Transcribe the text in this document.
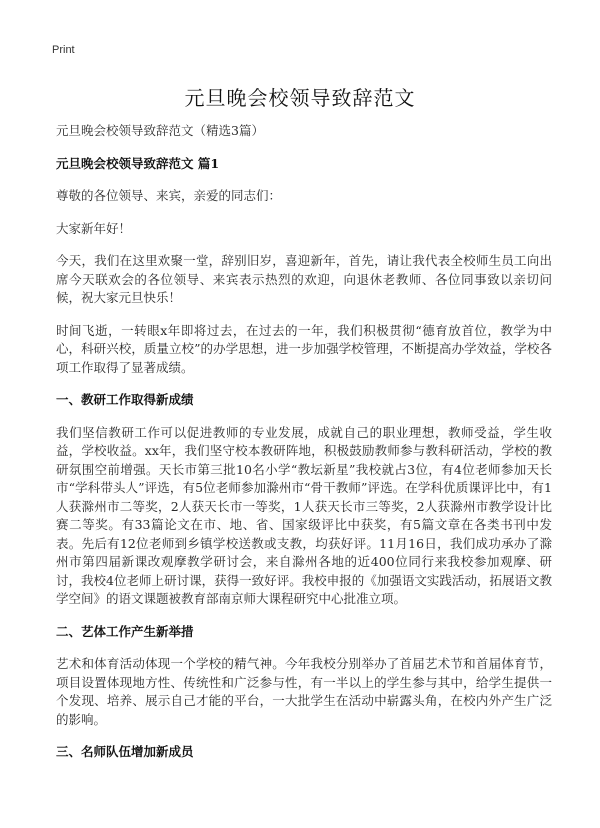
Print
元旦晚会校领导致辞范文

元旦晚会校领导致辞范文（精选3篇）

元旦晚会校领导致辞范文 篇1

尊敬的各位领导、来宾，亲爱的同志们：

大家新年好！

今天，我们在这里欢聚一堂，辞别旧岁，喜迎新年，首先，请让我代表全校师生员工向出席今天联欢会的各位领导、来宾表示热烈的欢迎，向退休老教师、各位同事致以亲切问候，祝大家元旦快乐！

时间飞逝，一转眼x年即将过去，在过去的一年，我们积极贯彻“德育放首位，教学为中心，科研兴校，质量立校”的办学思想，进一步加强学校管理，不断提高办学效益，学校各项工作取得了显著成绩。

一、教研工作取得新成绩

我们坚信教研工作可以促进教师的专业发展，成就自己的职业理想，教师受益，学生收益，学校收益。xx年，我们坚守校本教研阵地，积极鼓励教师参与教科研活动，学校的教研氛围空前增强。天长市第三批10名小学“教坛新星”我校就占3位，有4位老师参加天长市“学科带头人”评选，有5位老师参加滁州市“骨干教师”评选。在学科优质课评比中，有1人获滁州市二等奖，2人获天长市一等奖，1人获天长市三等奖，2人获滁州市教学设计比赛二等奖。有33篇论文在市、地、省、国家级评比中获奖，有5篇文章在各类书刊中发表。先后有12位老师到乡镇学校送教或支教，均获好评。11月16日，我们成功承办了滁州市第四届新课改观摩教学研讨会，来自滁州各地的近400位同行来我校参加观摩、研讨，我校4位老师上研讨课，获得一致好评。我校申报的《加强语文实践活动，拓展语文教学空间》的语文课题被教育部南京师大课程研究中心批准立项。

二、艺体工作产生新举措

艺术和体育活动体现一个学校的精气神。今年我校分别举办了首届艺术节和首届体育节，项目设置体现地方性、传统性和广泛参与性，有一半以上的学生参与其中，给学生提供一个发现、培养、展示自己才能的平台，一大批学生在活动中崭露头角，在校内外产生广泛的影响。

三、名师队伍增加新成员
